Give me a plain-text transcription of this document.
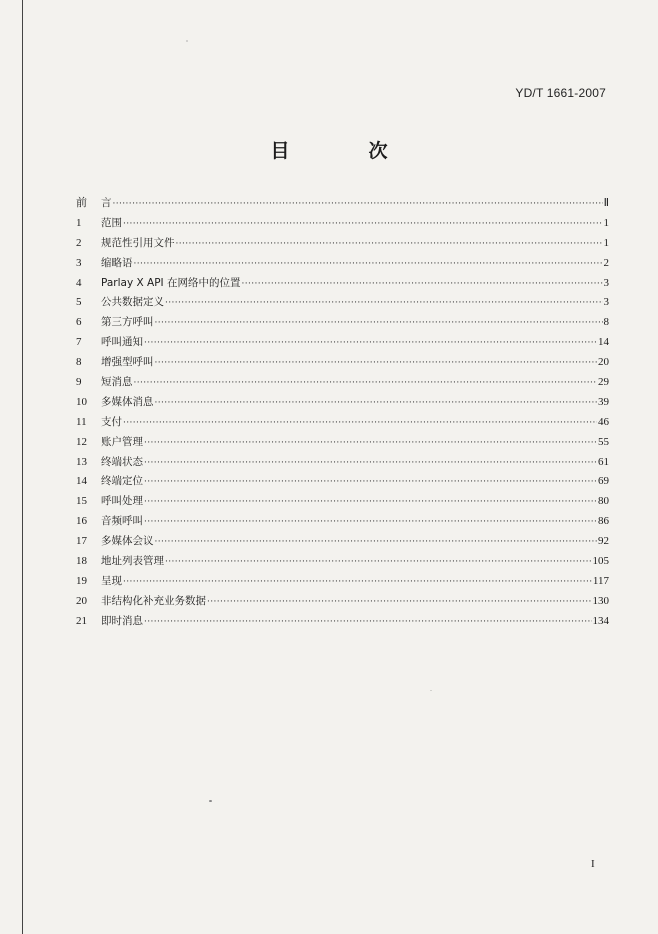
YD/T 1661-2007
目　次
前	言 ·····	Ⅱ
1	范围 ·····	1
2	规范性引用文件 ·····	1
3	缩略语 ·····	2
4	Parlay X API 在网络中的位置 ·····	3
5	公共数据定义 ·····	3
6	第三方呼叫 ·····	8
7	呼叫通知 ·····	14
8	增强型呼叫 ·····	20
9	短消息 ·····	29
10	多媒体消息 ·····	39
11	支付 ·····	46
12	账户管理 ·····	55
13	终端状态 ·····	61
14	终端定位 ·····	69
15	呼叫处理 ·····	80
16	音频呼叫 ·····	86
17	多媒体会议 ·····	92
18	地址列表管理 ·····	105
19	呈现 ·····	117
20	非结构化补充业务数据 ·····	130
21	即时消息 ·····	134
I
